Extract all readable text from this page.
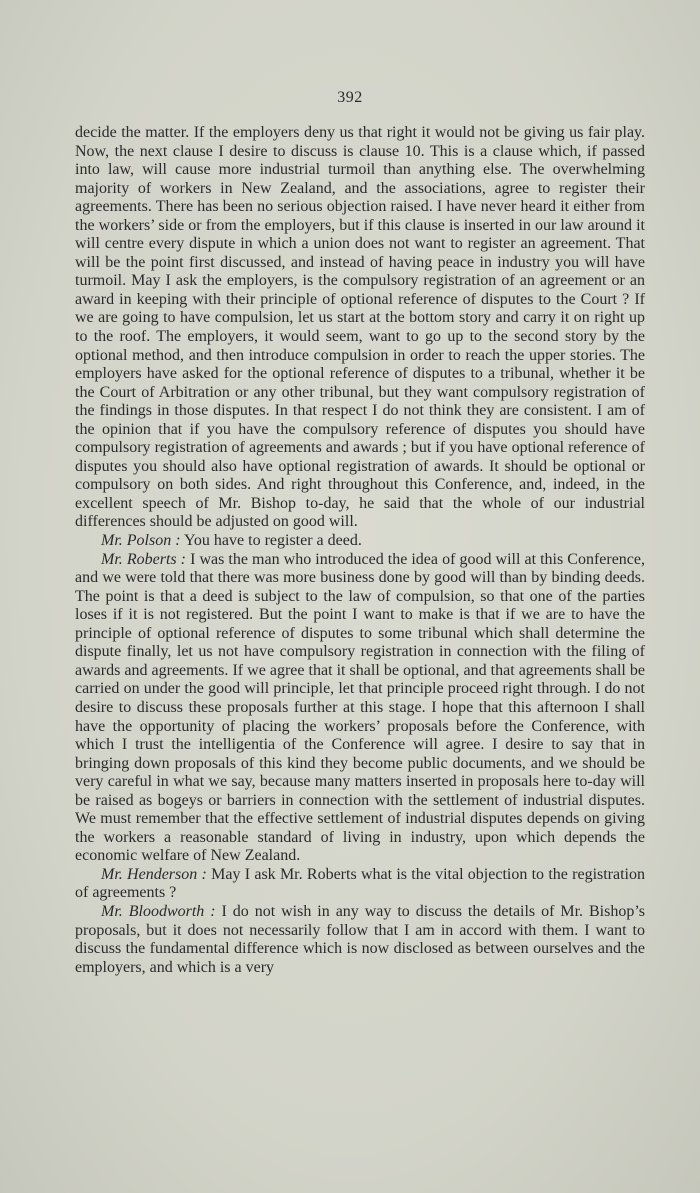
392

decide the matter. If the employers deny us that right it would not be giving us fair play. Now, the next clause I desire to discuss is clause 10. This is a clause which, if passed into law, will cause more industrial turmoil than anything else. The overwhelming majority of workers in New Zealand, and the associations, agree to register their agreements. There has been no serious objection raised. I have never heard it either from the workers’ side or from the employers, but if this clause is inserted in our law around it will centre every dispute in which a union does not want to register an agreement. That will be the point first discussed, and instead of having peace in industry you will have turmoil. May I ask the employers, is the compulsory registration of an agreement or an award in keeping with their principle of optional reference of disputes to the Court ? If we are going to have compulsion, let us start at the bottom story and carry it on right up to the roof. The employers, it would seem, want to go up to the second story by the optional method, and then introduce compulsion in order to reach the upper stories. The employers have asked for the optional reference of disputes to a tribunal, whether it be the Court of Arbitration or any other tribunal, but they want compulsory registration of the findings in those disputes. In that respect I do not think they are consistent. I am of the opinion that if you have the compulsory reference of disputes you should have compulsory registration of agreements and awards ; but if you have optional reference of disputes you should also have optional registration of awards. It should be optional or compulsory on both sides. And right throughout this Conference, and, indeed, in the excellent speech of Mr. Bishop to-day, he said that the whole of our industrial differences should be adjusted on good will.

Mr. Polson : You have to register a deed.

Mr. Roberts : I was the man who introduced the idea of good will at this Conference, and we were told that there was more business done by good will than by binding deeds. The point is that a deed is subject to the law of compulsion, so that one of the parties loses if it is not registered. But the point I want to make is that if we are to have the principle of optional reference of disputes to some tribunal which shall determine the dispute finally, let us not have compulsory registration in connection with the filing of awards and agreements. If we agree that it shall be optional, and that agreements shall be carried on under the good will principle, let that principle proceed right through. I do not desire to discuss these proposals further at this stage. I hope that this afternoon I shall have the opportunity of placing the workers’ proposals before the Conference, with which I trust the intelligentia of the Conference will agree. I desire to say that in bringing down proposals of this kind they become public documents, and we should be very careful in what we say, because many matters inserted in proposals here to-day will be raised as bogeys or barriers in connection with the settlement of industrial disputes. We must remember that the effective settlement of industrial disputes depends on giving the workers a reasonable standard of living in industry, upon which depends the economic welfare of New Zealand.

Mr. Henderson : May I ask Mr. Roberts what is the vital objection to the registration of agreements ?

Mr. Bloodworth : I do not wish in any way to discuss the details of Mr. Bishop’s proposals, but it does not necessarily follow that I am in accord with them. I want to discuss the fundamental difference which is now disclosed as between ourselves and the employers, and which is a very
